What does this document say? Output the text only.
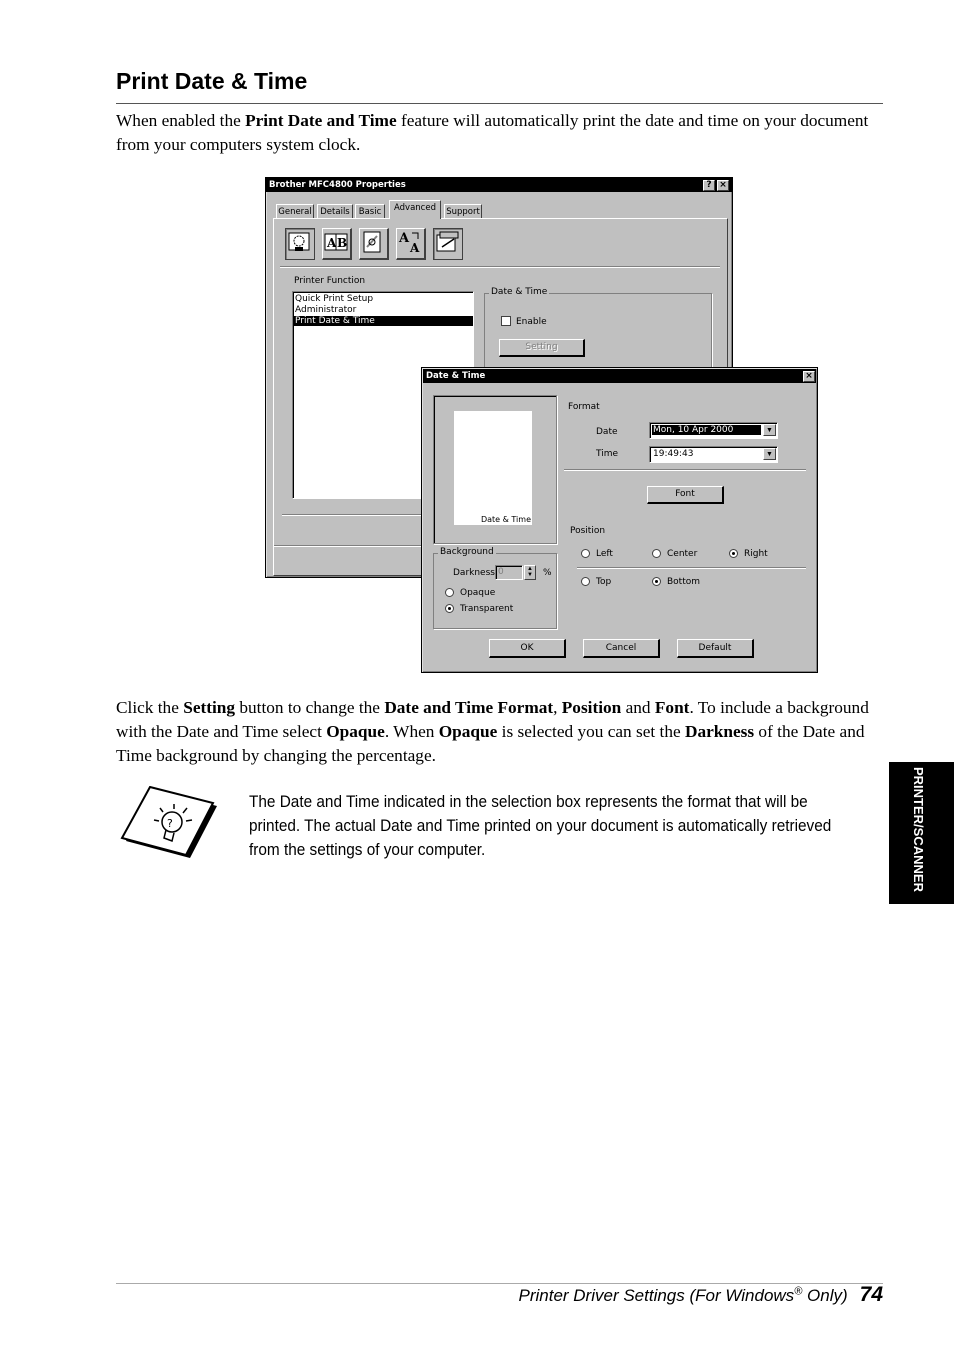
Print Date & Time
When enabled the Print Date and Time feature will automatically print the date and time on your document from your computers system clock.
Brother MFC4800 Properties	? ×
General	Details	Basic	Advanced	Support
A B	A
A
Printer Function
Quick Print Setup
Administrator
Print Date & Time
Date & Time
Enable
Setting
Date & Time	×
Date & Time
Format
Date	Mon, 10 Apr 2000	▼
Time	19:49:43	▼
Font
Position
Left	Center	Right
Top	Bottom
Background
Darkness 0	▲
▼	%
Opaque
Transparent
OK	Cancel	Default
Click the Setting button to change the Date and Time Format, Position and Font. To include a background with the Date and Time select Opaque. When Opaque is selected you can set the Darkness of the Date and Time background by changing the percentage.
?
The Date and Time indicated in the selection box represents the format that will be printed. The actual Date and Time printed on your document is automatically retrieved from the settings of your computer.	PRINTER/SCANNER
Printer Driver Settings (For Windows® Only) 74
